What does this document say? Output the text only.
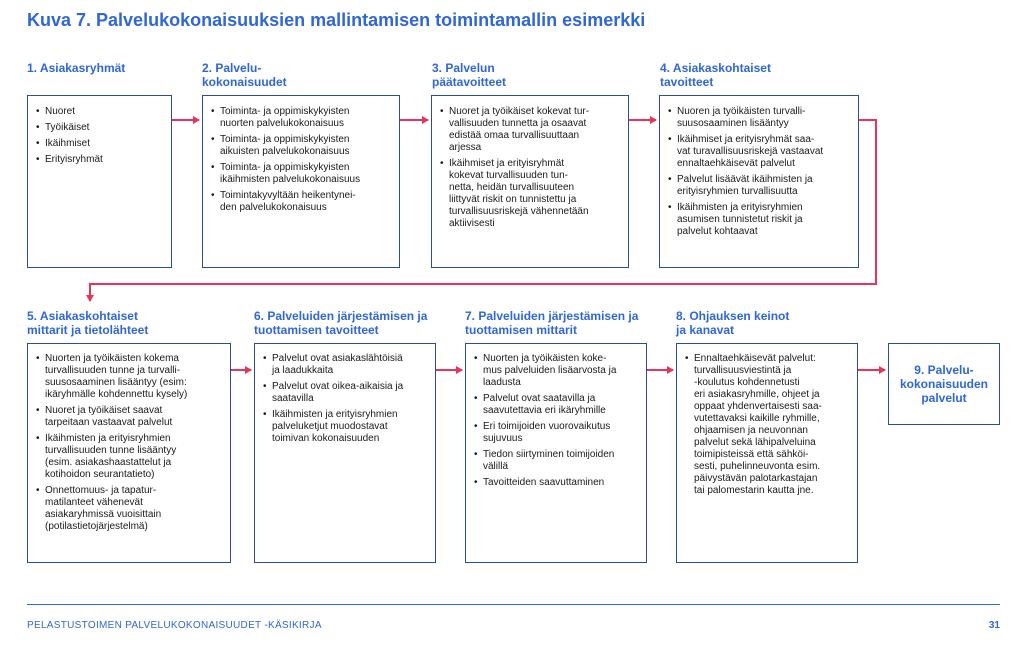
Kuva 7. Palvelukokonaisuuksien mallintamisen toimintamallin esimerkki
1. Asiakasryhmät
• Nuoret
• Työikäiset
• Ikäihmiset
• Erityisryhmät
2. Palvelu-
kokonaisuudet
• Toiminta- ja oppimiskykyisten
nuorten palvelukokonaisuus
• Toiminta- ja oppimiskykyisten
aikuisten palvelukokonaisuus
• Toiminta- ja oppimiskykyisten
ikäihmisten palvelukokonaisuus
• Toimintakyvyltään heikentynei-
den palvelukokonaisuus
3. Palvelun
päätavoitteet
• Nuoret ja työikäiset kokevat tur-
vallisuuden tunnetta ja osaavat
edistää omaa turvallisuuttaan
arjessa
• Ikäihmiset ja erityisryhmät
kokevat turvallisuuden tun-
netta, heidän turvallisuuteen
liittyvät riskit on tunnistettu ja
turvallisuusriskejä vähennetään
aktiivisesti
4. Asiakaskohtaiset
tavoitteet
• Nuoren ja työikäisten turvalli-
suusosaaminen lisääntyy
• Ikäihmiset ja erityisryhmät saa-
vat turavallisuusriskejä vastaavat
ennaltaehkäisevät palvelut
• Palvelut lisäävät ikäihmisten ja
erityisryhmien turvallisuutta
• Ikäihmisten ja erityisryhmien
asumisen tunnistetut riskit ja
palvelut kohtaavat
5. Asiakaskohtaiset
mittarit ja tietolähteet
• Nuorten ja työikäisten kokema
turvallisuuden tunne ja turvalli-
suusosaaminen lisääntyy (esim:
ikäryhmälle kohdennettu kysely)
• Nuoret ja työikäiset saavat
tarpeitaan vastaavat palvelut
• Ikäihmisten ja erityisryhmien
turvallisuuden tunne lisääntyy
(esim. asiakashaastattelut ja
kotihoidon seurantatieto)
• Onnettomuus- ja tapatur-
matilanteet vähenevät
asiakaryhmissä vuoisittain
(potilastietojärjestelmä)
6. Palveluiden järjestämisen ja
tuottamisen tavoitteet
• Palvelut ovat asiakaslähtöisiä
ja laadukkaita
• Palvelut ovat oikea-aikaisia ja
saatavilla
• Ikäihmisten ja erityisryhmien
palveluketjut muodostavat
toimivan kokonaisuuden
7. Palveluiden järjestämisen ja
tuottamisen mittarit
• Nuorten ja työikäisten koke-
mus palveluiden lisäarvosta ja
laadusta
• Palvelut ovat saatavilla ja
saavutettavia eri ikäryhmille
• Eri toimijoiden vuorovaikutus
sujuvuus
• Tiedon siirtyminen toimijoiden
välillä
• Tavoitteiden saavuttaminen
8. Ohjauksen keinot
ja kanavat
• Ennaltaehkäisevät palvelut:
turvallisuusviestintä ja
-koulutus kohdennetusti
eri asiakasryhmille, ohjeet ja
oppaat yhdenvertaisesti saa-
vutettavaksi kaikille ryhmille,
ohjaamisen ja neuvonnan
palvelut sekä lähipalveluina
toimipisteissä että sähköi-
sesti, puhelinneuvonta esim.
päivystävän palotarkastajan
tai palomestarin kautta jne.
9. Palvelu-
kokonaisuuden
palvelut
PELASTUSTOIMEN PALVELUKOKONAISUUDET -KÄSIKIRJA	31
